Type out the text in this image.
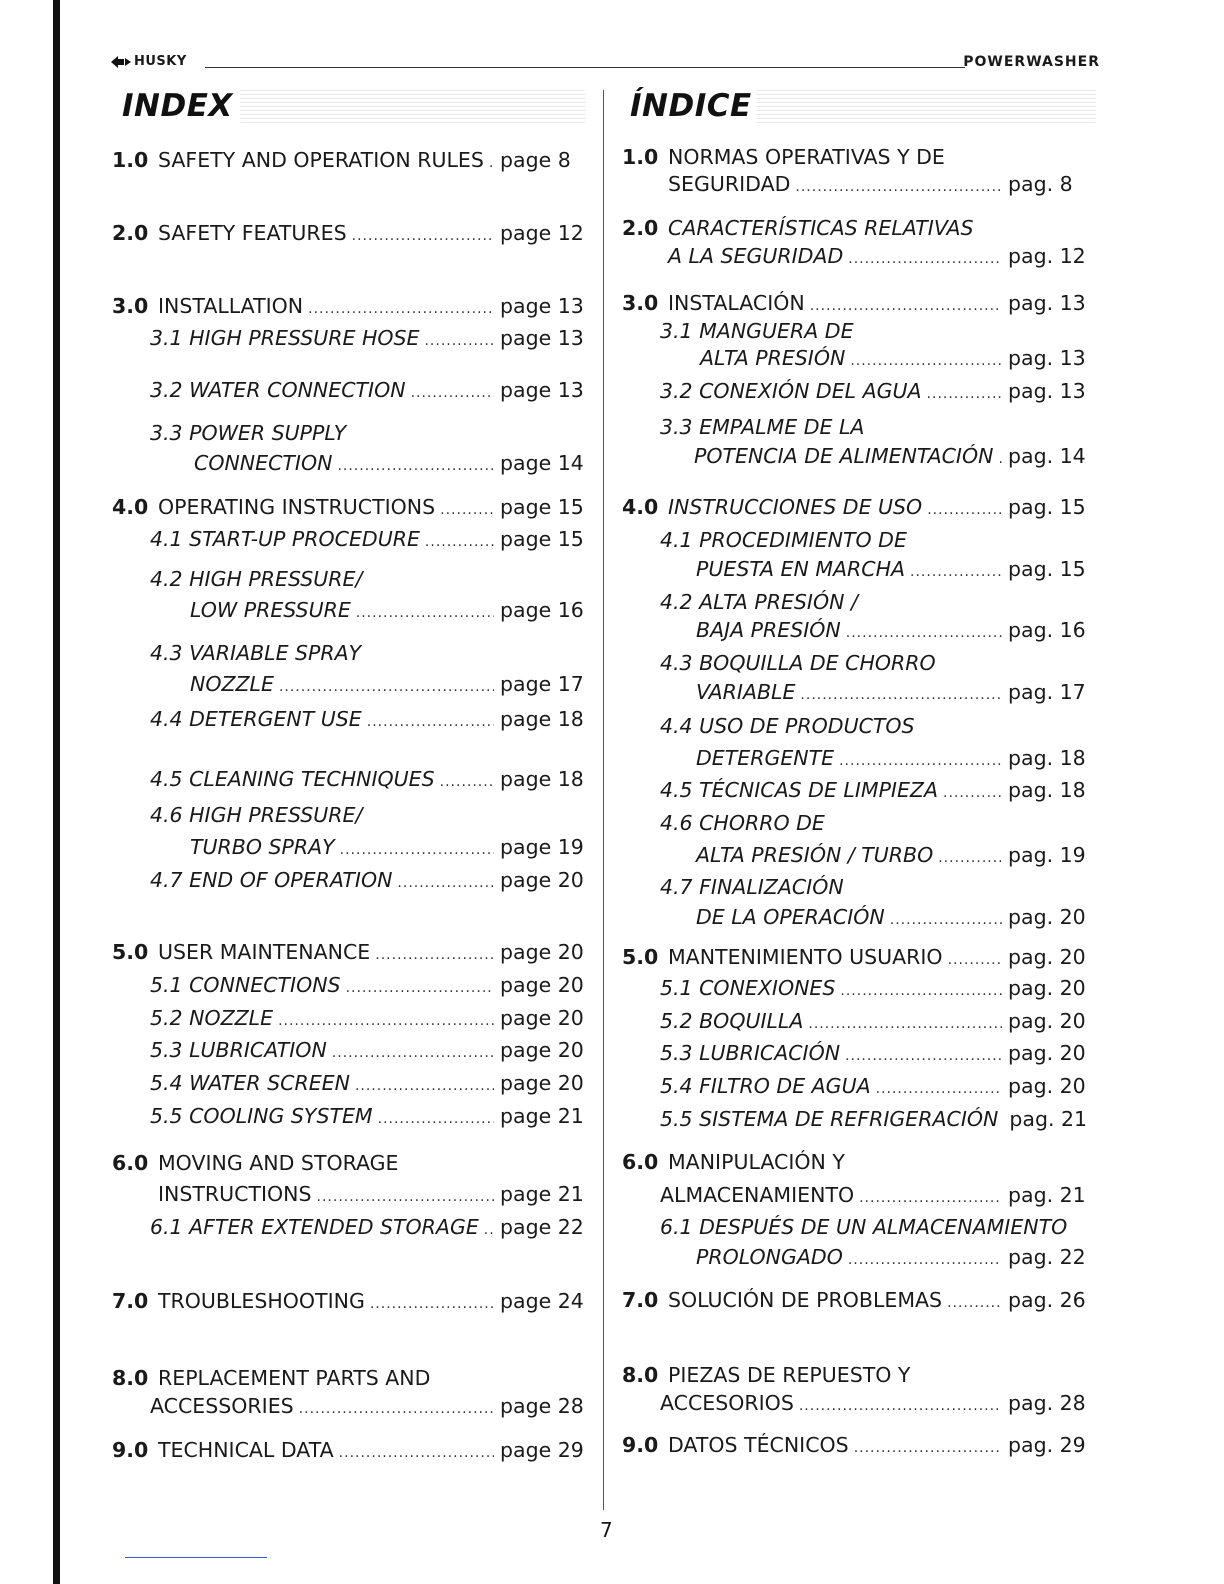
HUSKY	POWERWASHER
INDEX
1.0 SAFETY AND OPERATION RULES ..... page 8
2.0 SAFETY FEATURES .....	page 12
3.0 INSTALLATION .....	page 13
3.1 HIGH PRESSURE HOSE .....	page 13
3.2 WATER CONNECTION .....	page 13
3.3 POWER SUPPLY
CONNECTION .....	page 14
4.0 OPERATING INSTRUCTIONS .....	page 15
4.1 START-UP PROCEDURE .....	page 15
4.2 HIGH PRESSURE/
LOW PRESSURE .....	page 16
4.3 VARIABLE SPRAY
NOZZLE .....	page 17
4.4 DETERGENT USE .....	page 18
4.5 CLEANING TECHNIQUES .....	page 18
4.6 HIGH PRESSURE/
TURBO SPRAY .....	page 19
4.7 END OF OPERATION .....	page 20
5.0 USER MAINTENANCE .....	page 20
5.1 CONNECTIONS .....	page 20
5.2 NOZZLE .....	page 20
5.3 LUBRICATION .....	page 20
5.4 WATER SCREEN .....	page 20
5.5 COOLING SYSTEM .....	page 21
6.0 MOVING AND STORAGE
INSTRUCTIONS .....	page 21
6.1 AFTER EXTENDED STORAGE ..... page 22
7.0 TROUBLESHOOTING .....	page 24
8.0 REPLACEMENT PARTS AND
ACCESSORIES .....	page 28
9.0 TECHNICAL DATA .....	page 29
ÍNDICE
1.0 NORMAS OPERATIVAS Y DE
SEGURIDAD .....	pag. 8
2.0 CARACTERÍSTICAS RELATIVAS
A LA SEGURIDAD .....	pag. 12
3.0 INSTALACIÓN .....	pag. 13
3.1 MANGUERA DE
ALTA PRESIÓN .....	pag. 13
3.2 CONEXIÓN DEL AGUA .....	pag. 13
3.3 EMPALME DE LA
POTENCIA DE ALIMENTACIÓN ..... pag. 14
4.0 INSTRUCCIONES DE USO .....	pag. 15
4.1 PROCEDIMIENTO DE
PUESTA EN MARCHA .....	pag. 15
4.2 ALTA PRESIÓN /
BAJA PRESIÓN .....	pag. 16
4.3 BOQUILLA DE CHORRO
VARIABLE .....	pag. 17
4.4 USO DE PRODUCTOS
DETERGENTE .....	pag. 18
4.5 TÉCNICAS DE LIMPIEZA .....	pag. 18
4.6 CHORRO DE
ALTA PRESIÓN / TURBO .....	pag. 19
4.7 FINALIZACIÓN
DE LA OPERACIÓN .....	pag. 20
5.0 MANTENIMIENTO USUARIO .....	pag. 20
5.1 CONEXIONES .....	pag. 20
5.2 BOQUILLA .....	pag. 20
5.3 LUBRICACIÓN .....	pag. 20
5.4 FILTRO DE AGUA .....	pag. 20
5.5 SISTEMA DE REFRIGERACIÓN pag. 21
6.0 MANIPULACIÓN Y
ALMACENAMIENTO .....	pag. 21
6.1 DESPUÉS DE UN ALMACENAMIENTO
PROLONGADO .....	pag. 22
7.0 SOLUCIÓN DE PROBLEMAS .....	pag. 26
8.0 PIEZAS DE REPUESTO Y
ACCESORIOS .....	pag. 28
9.0 DATOS TÉCNICOS .....	pag. 29
7
